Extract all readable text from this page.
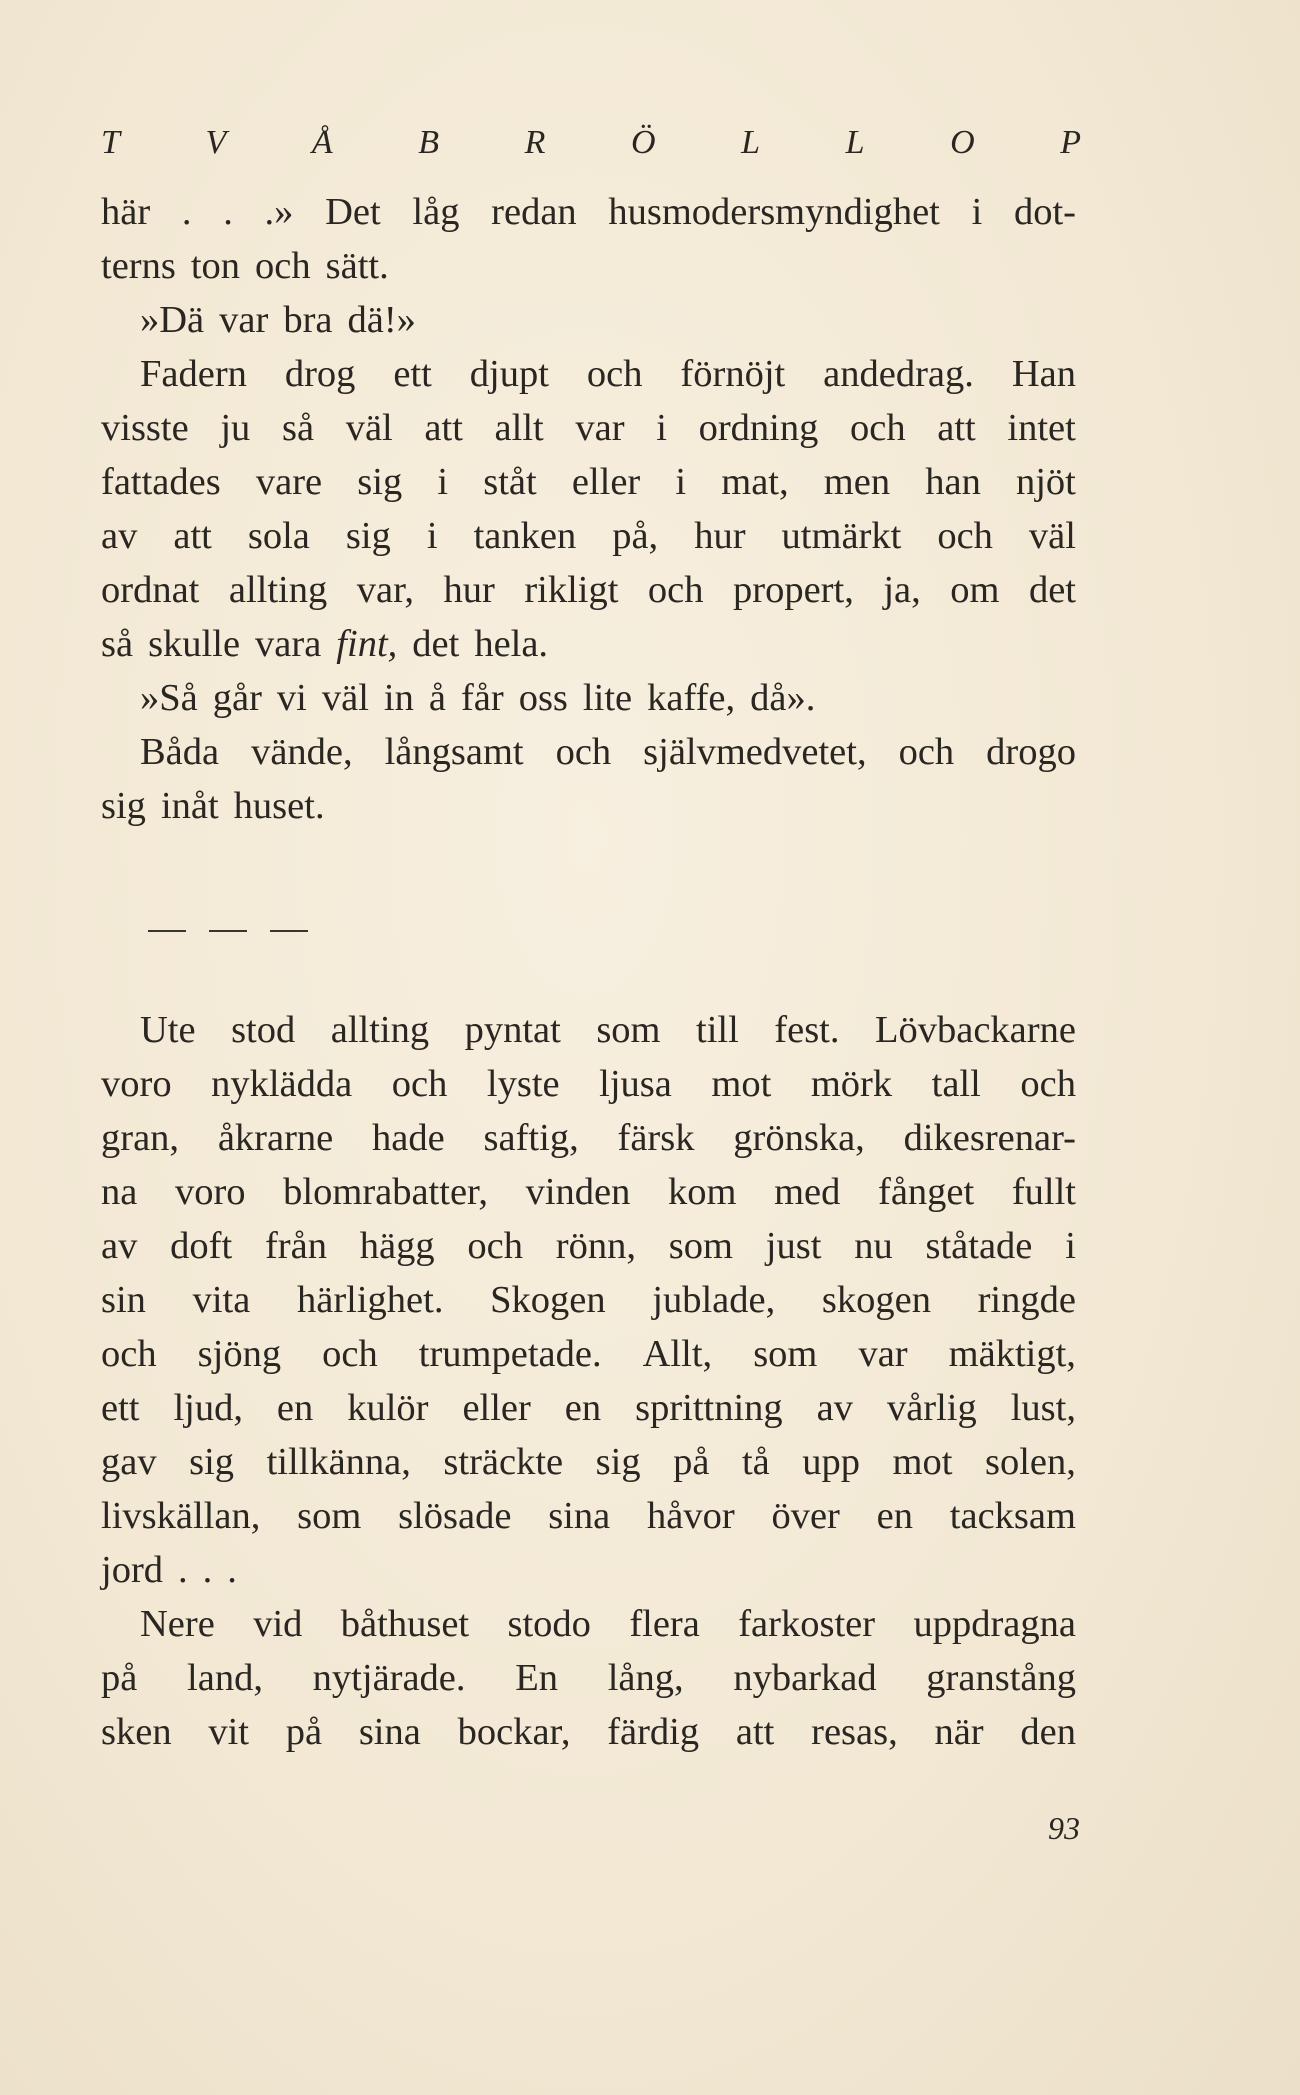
T	V	Å	B	R	Ö	L	L	O	P
här . . .» Det låg redan husmodersmyndighet i dot-
terns ton och sätt.
»Dä var bra dä!»
Fadern drog ett djupt och förnöjt andedrag. Han
visste ju så väl att allt var i ordning och att intet
fattades vare sig i ståt eller i mat, men han njöt
av att sola sig i tanken på, hur utmärkt och väl
ordnat allting var, hur rikligt och propert, ja, om det
så skulle vara fint, det hela.
»Så går vi väl in å får oss lite kaffe, då».
Båda vände, långsamt och självmedvetet, och drogo
sig inåt huset.
Ute stod allting pyntat som till fest. Lövbackarne
voro nyklädda och lyste ljusa mot mörk tall och
gran, åkrarne hade saftig, färsk grönska, dikesrenar-
na voro blomrabatter, vinden kom med fånget fullt
av doft från hägg och rönn, som just nu ståtade i
sin vita härlighet. Skogen jublade, skogen ringde
och sjöng och trumpetade. Allt, som var mäktigt,
ett ljud, en kulör eller en sprittning av vårlig lust,
gav sig tillkänna, sträckte sig på tå upp mot solen,
livskällan, som slösade sina håvor över en tacksam
jord . . .
Nere vid båthuset stodo flera farkoster uppdragna
på land, nytjärade. En lång, nybarkad granstång
sken vit på sina bockar, färdig att resas, när den
93
